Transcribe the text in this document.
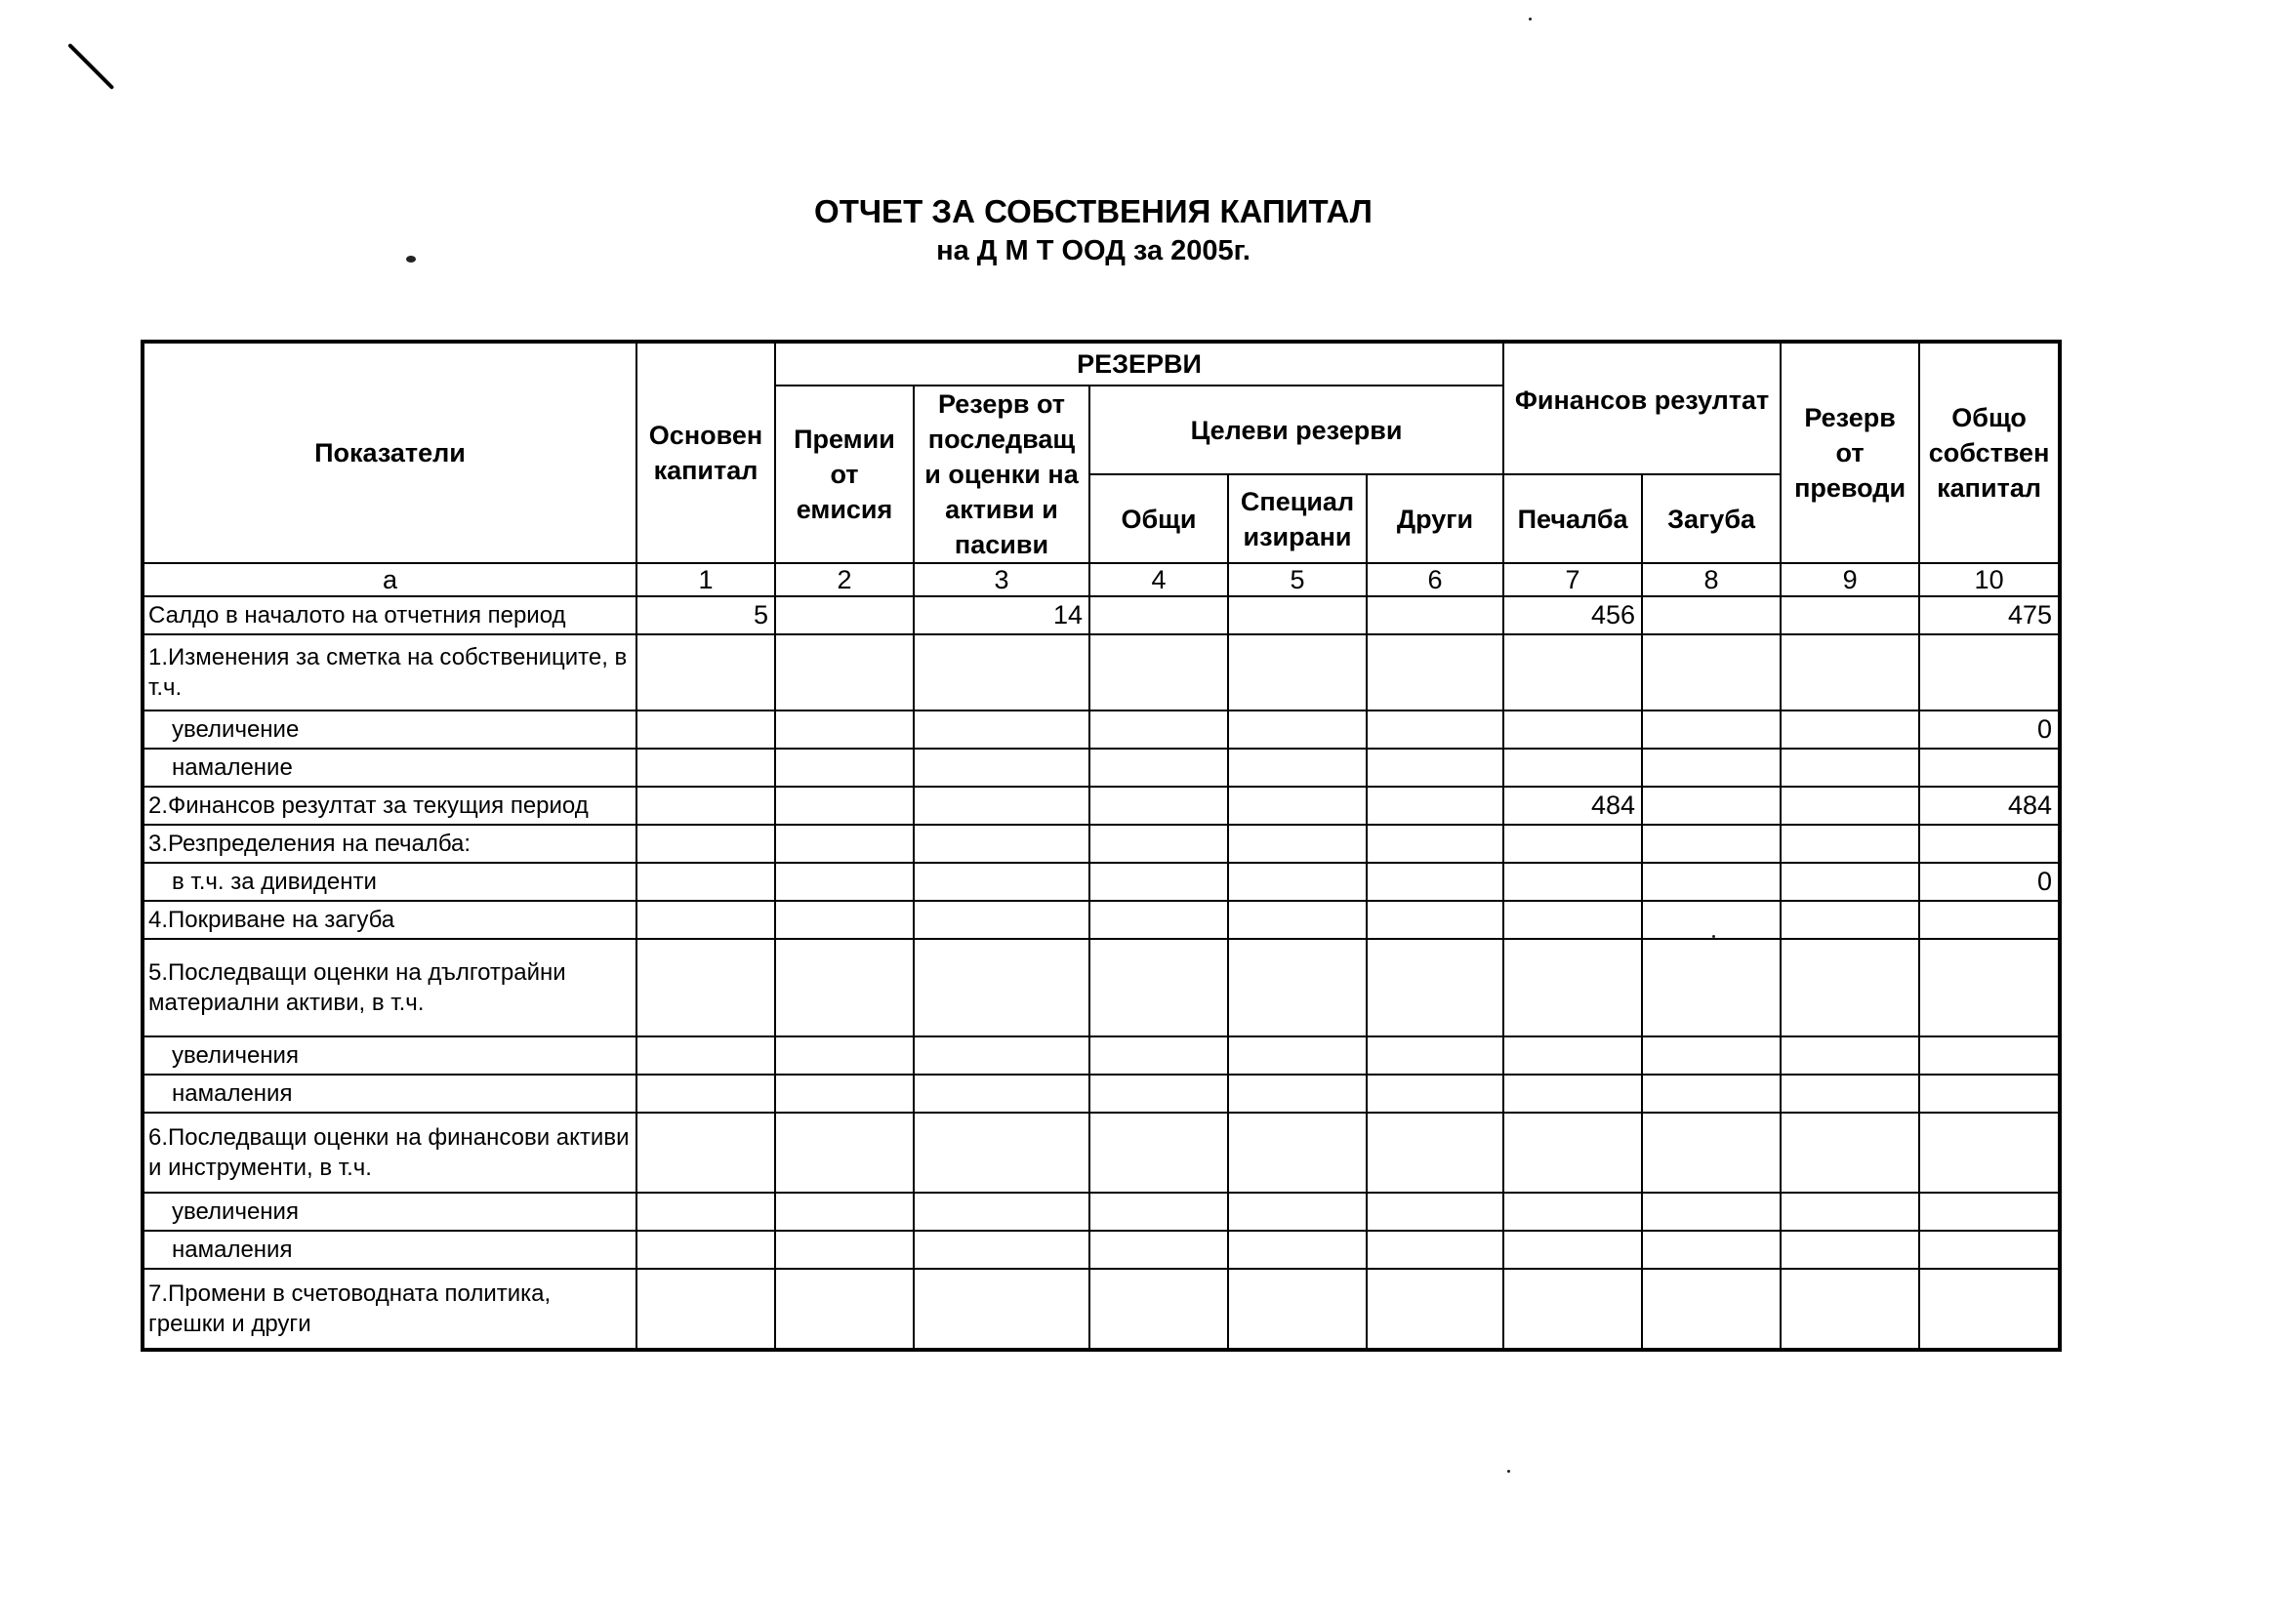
ОТЧЕТ ЗА СОБСТВЕНИЯ КАПИТАЛ
на Д М Т ООД за 2005г.
Показатели	Основен капитал	РЕЗЕРВИ					Финансов резултат		Резерв от преводи	Общо собствен капитал
		Премии от емисия	Резерв от последващ и оценки на активи и пасиви	Целеви резерви						
				Общи	Специал изирани	Други	Печалба	Загуба		
а	1	2	3	4	5	6	7	8	9	10
Салдо в началото на отчетния период	5		14				456			475
1.Изменения за сметка на собствениците, в т.ч.										
увеличение										0
намаление										
2.Финансов резултат за текущия период							484			484
3.Резпределения на печалба:										
в т.ч. за дивиденти										0
4.Покриване на загуба										
5.Последващи оценки на дълготрайни материални активи, в т.ч.										
увеличения										
намаления										
6.Последващи оценки на финансови активи и инструменти, в т.ч.										
увеличения										
намаления										
7.Промени в счетоводната политика, грешки и други										
